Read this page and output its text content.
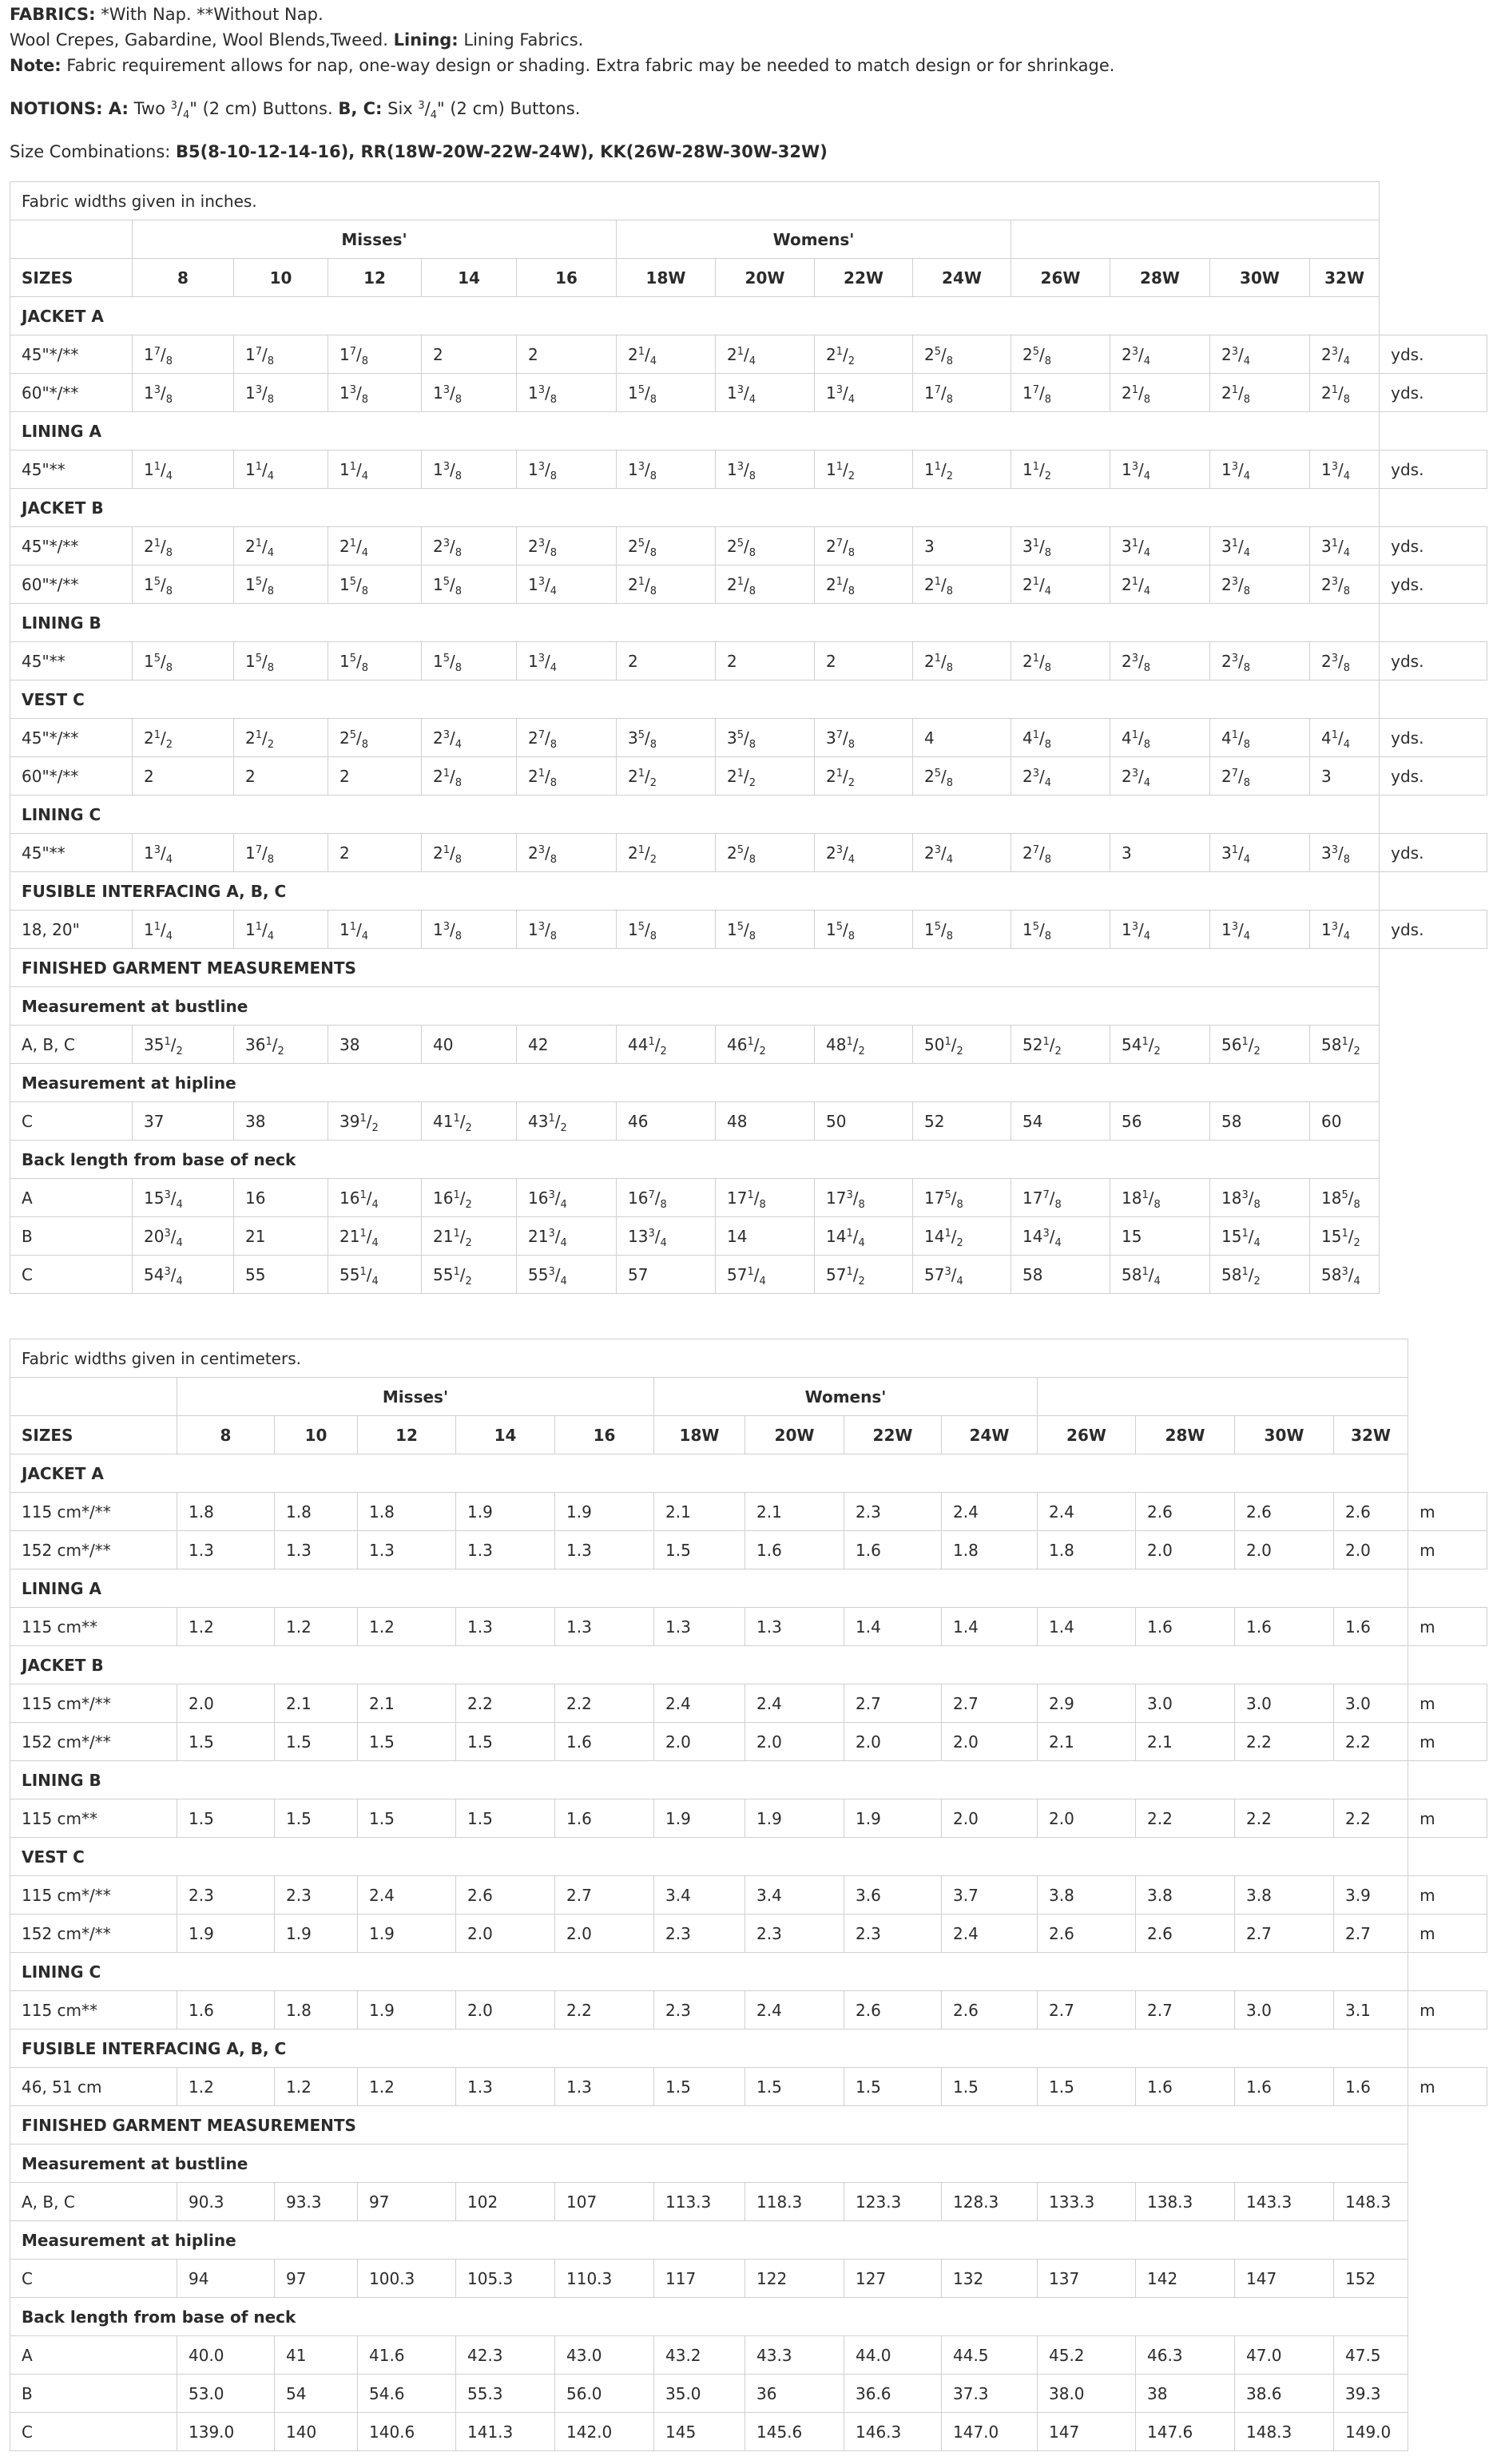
FABRICS: *With Nap. **Without Nap.

Wool Crepes, Gabardine, Wool Blends,Tweed. Lining: Lining Fabrics.

Note: Fabric requirement allows for nap, one-way design or shading. Extra fabric may be needed to match design or for shrinkage.

NOTIONS: A: Two $^3/_4$" (2 cm) Buttons. B, C: Six $^3/_4$" (2 cm) Buttons.

Size Combinations: B5(8-10-12-14-16), RR(18W-20W-22W-24W), KK(26W-28W-30W-32W)

Fabric widths given in inches.														
	Misses'					Womens'								
SIZES	8	10	12	14	16	18W	20W	22W	24W	26W	28W	30W	32W	
JACKET A														
45"*/**	$1^7/_8$	$1^7/_8$	$1^7/_8$	2	2	$2^1/_4$	$2^1/_4$	$2^1/_2$	$2^5/_8$	$2^5/_8$	$2^3/_4$	$2^3/_4$	$2^3/_4$	yds.
60"*/**	$1^3/_8$	$1^3/_8$	$1^3/_8$	$1^3/_8$	$1^3/_8$	$1^5/_8$	$1^3/_4$	$1^3/_4$	$1^7/_8$	$1^7/_8$	$2^1/_8$	$2^1/_8$	$2^1/_8$	yds.
LINING A														
45"**	$1^1/_4$	$1^1/_4$	$1^1/_4$	$1^3/_8$	$1^3/_8$	$1^3/_8$	$1^3/_8$	$1^1/_2$	$1^1/_2$	$1^1/_2$	$1^3/_4$	$1^3/_4$	$1^3/_4$	yds.
JACKET B														
45"*/**	$2^1/_8$	$2^1/_4$	$2^1/_4$	$2^3/_8$	$2^3/_8$	$2^5/_8$	$2^5/_8$	$2^7/_8$	3	$3^1/_8$	$3^1/_4$	$3^1/_4$	$3^1/_4$	yds.
60"*/**	$1^5/_8$	$1^5/_8$	$1^5/_8$	$1^5/_8$	$1^3/_4$	$2^1/_8$	$2^1/_8$	$2^1/_8$	$2^1/_8$	$2^1/_4$	$2^1/_4$	$2^3/_8$	$2^3/_8$	yds.
LINING B														
45"**	$1^5/_8$	$1^5/_8$	$1^5/_8$	$1^5/_8$	$1^3/_4$	2	2	2	$2^1/_8$	$2^1/_8$	$2^3/_8$	$2^3/_8$	$2^3/_8$	yds.
VEST C														
45"*/**	$2^1/_2$	$2^1/_2$	$2^5/_8$	$2^3/_4$	$2^7/_8$	$3^5/_8$	$3^5/_8$	$3^7/_8$	4	$4^1/_8$	$4^1/_8$	$4^1/_8$	$4^1/_4$	yds.
60"*/**	2	2	2	$2^1/_8$	$2^1/_8$	$2^1/_2$	$2^1/_2$	$2^1/_2$	$2^5/_8$	$2^3/_4$	$2^3/_4$	$2^7/_8$	3	yds.
LINING C														
45"**	$1^3/_4$	$1^7/_8$	2	$2^1/_8$	$2^3/_8$	$2^1/_2$	$2^5/_8$	$2^3/_4$	$2^3/_4$	$2^7/_8$	3	$3^1/_4$	$3^3/_8$	yds.
FUSIBLE INTERFACING A, B, C														
18, 20"	$1^1/_4$	$1^1/_4$	$1^1/_4$	$1^3/_8$	$1^3/_8$	$1^5/_8$	$1^5/_8$	$1^5/_8$	$1^5/_8$	$1^5/_8$	$1^3/_4$	$1^3/_4$	$1^3/_4$	yds.
FINISHED GARMENT MEASUREMENTS														
Measurement at bustline														
A, B, C	$35^1/_2$	$36^1/_2$	38	40	42	$44^1/_2$	$46^1/_2$	$48^1/_2$	$50^1/_2$	$52^1/_2$	$54^1/_2$	$56^1/_2$	$58^1/_2$	
Measurement at hipline														
C	37	38	$39^1/_2$	$41^1/_2$	$43^1/_2$	46	48	50	52	54	56	58	60	
Back length from base of neck														
A	$15^3/_4$	16	$16^1/_4$	$16^1/_2$	$16^3/_4$	$16^7/_8$	$17^1/_8$	$17^3/_8$	$17^5/_8$	$17^7/_8$	$18^1/_8$	$18^3/_8$	$18^5/_8$	
B	$20^3/_4$	21	$21^1/_4$	$21^1/_2$	$21^3/_4$	$13^3/_4$	14	$14^1/_4$	$14^1/_2$	$14^3/_4$	15	$15^1/_4$	$15^1/_2$	
C	$54^3/_4$	55	$55^1/_4$	$55^1/_2$	$55^3/_4$	57	$57^1/_4$	$57^1/_2$	$57^3/_4$	58	$58^1/_4$	$58^1/_2$	$58^3/_4$	
Fabric widths given in centimeters.														
	Misses'					Womens'								
SIZES	8	10	12	14	16	18W	20W	22W	24W	26W	28W	30W	32W	
JACKET A														
115 cm*/**	1.8	1.8	1.8	1.9	1.9	2.1	2.1	2.3	2.4	2.4	2.6	2.6	2.6	m
152 cm*/**	1.3	1.3	1.3	1.3	1.3	1.5	1.6	1.6	1.8	1.8	2.0	2.0	2.0	m
LINING A														
115 cm**	1.2	1.2	1.2	1.3	1.3	1.3	1.3	1.4	1.4	1.4	1.6	1.6	1.6	m
JACKET B														
115 cm*/**	2.0	2.1	2.1	2.2	2.2	2.4	2.4	2.7	2.7	2.9	3.0	3.0	3.0	m
152 cm*/**	1.5	1.5	1.5	1.5	1.6	2.0	2.0	2.0	2.0	2.1	2.1	2.2	2.2	m
LINING B														
115 cm**	1.5	1.5	1.5	1.5	1.6	1.9	1.9	1.9	2.0	2.0	2.2	2.2	2.2	m
VEST C														
115 cm*/**	2.3	2.3	2.4	2.6	2.7	3.4	3.4	3.6	3.7	3.8	3.8	3.8	3.9	m
152 cm*/**	1.9	1.9	1.9	2.0	2.0	2.3	2.3	2.3	2.4	2.6	2.6	2.7	2.7	m
LINING C														
115 cm**	1.6	1.8	1.9	2.0	2.2	2.3	2.4	2.6	2.6	2.7	2.7	3.0	3.1	m
FUSIBLE INTERFACING A, B, C														
46, 51 cm	1.2	1.2	1.2	1.3	1.3	1.5	1.5	1.5	1.5	1.5	1.6	1.6	1.6	m
FINISHED GARMENT MEASUREMENTS														
Measurement at bustline														
A, B, C	90.3	93.3	97	102	107	113.3	118.3	123.3	128.3	133.3	138.3	143.3	148.3	
Measurement at hipline														
C	94	97	100.3	105.3	110.3	117	122	127	132	137	142	147	152	
Back length from base of neck														
A	40.0	41	41.6	42.3	43.0	43.2	43.3	44.0	44.5	45.2	46.3	47.0	47.5	
B	53.0	54	54.6	55.3	56.0	35.0	36	36.6	37.3	38.0	38	38.6	39.3	
C	139.0	140	140.6	141.3	142.0	145	145.6	146.3	147.0	147	147.6	148.3	149.0	
